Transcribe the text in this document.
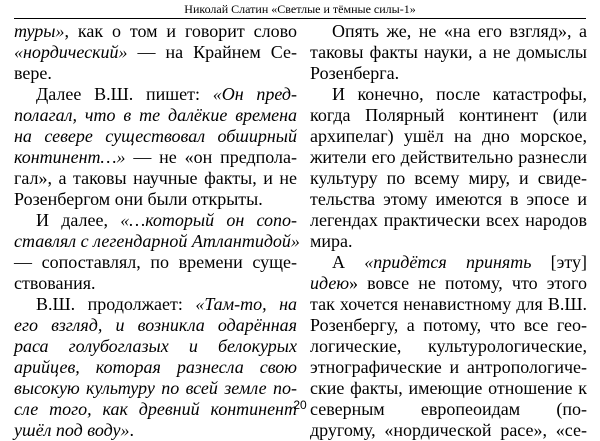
Николай Слатин «Светлые и тёмные силы-1»
туры», как о том и говорит слово
«нордический» — на Крайнем Се-
вере.
Далее В.Ш. пишет: «Он пред-
полагал, что в те далёкие времена
на севере существовал обширный
континент…» — не «он предпола-
гал», а таковы научные факты, и не
Розенбергом они были открыты.
И далее, «…который он сопо-
ставлял с легендарной Атлантидой»
— сопоставлял, по времени суще-
ствования.
В.Ш. продолжает: «Там-то, на
его взгляд, и возникла одарённая
раса голубоглазых и белокурых
арийцев, которая разнесла свою
высокую культуру по всей земле по-
сле того, как древний континент
ушёл под воду».
Опять же, не «на его взгляд», а
таковы факты науки, а не домыслы
Розенберга.
И конечно, после катастрофы,
когда Полярный континент (или
архипелаг) ушёл на дно морское,
жители его действительно разнесли
культуру по всему миру, и свиде-
тельства этому имеются в эпосе и
легендах практически всех народов
мира.
А «придётся принять [эту]
идею» вовсе не потому, что этого
так хочется ненавистному для В.Ш.
Розенбергу, а потому, что все гео-
логические, культурологические,
этнографические и антропологиче-
ские факты, имеющие отношение к
северным европеоидам (по-
другому, «нордической расе», «се-
20
